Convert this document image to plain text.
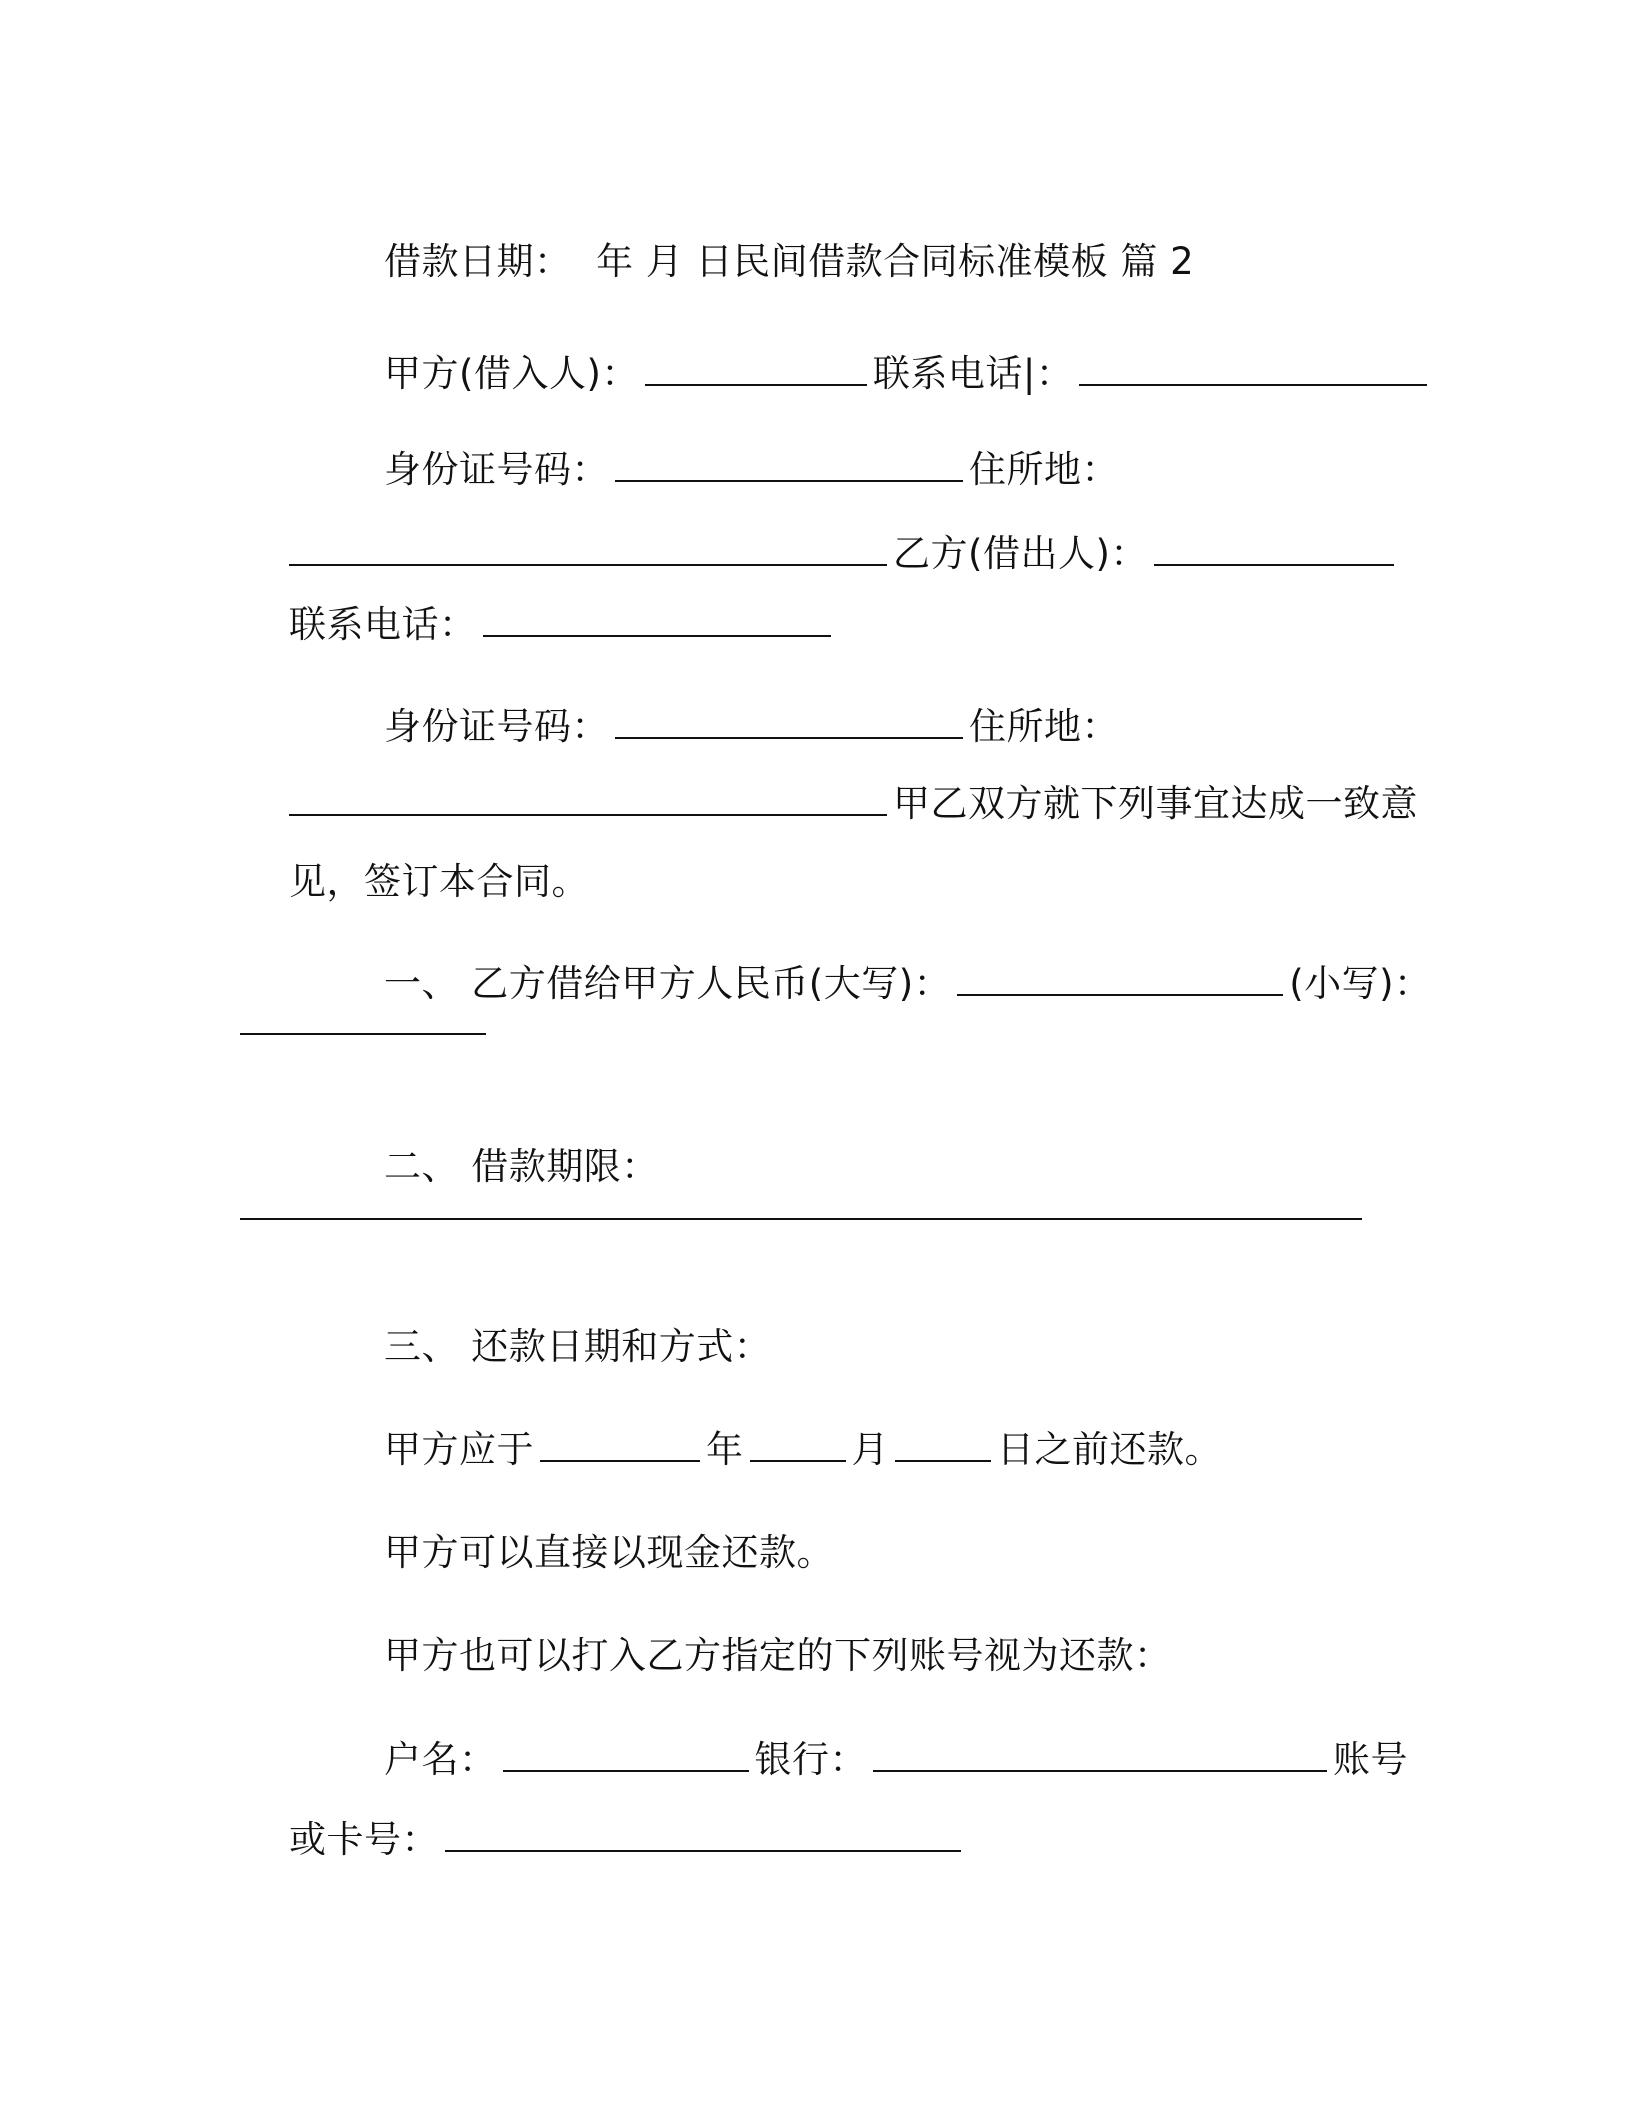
借款日期：  年 月 日民间借款合同标准模板 篇 2

甲方(借入人)：	联系电话|：

身份证号码：	住所地：

乙方(借出人)：

联系电话：

身份证号码：	住所地：

甲乙双方就下列事宜达成一致意

见，签订本合同。

一、 乙方借给甲方人民币(大写)：	(小写)：

二、 借款期限：

三、 还款日期和方式：

甲方应于	年	月	日之前还款。

甲方可以直接以现金还款。

甲方也可以打入乙方指定的下列账号视为还款：

户名：	银行：	账号

或卡号：
